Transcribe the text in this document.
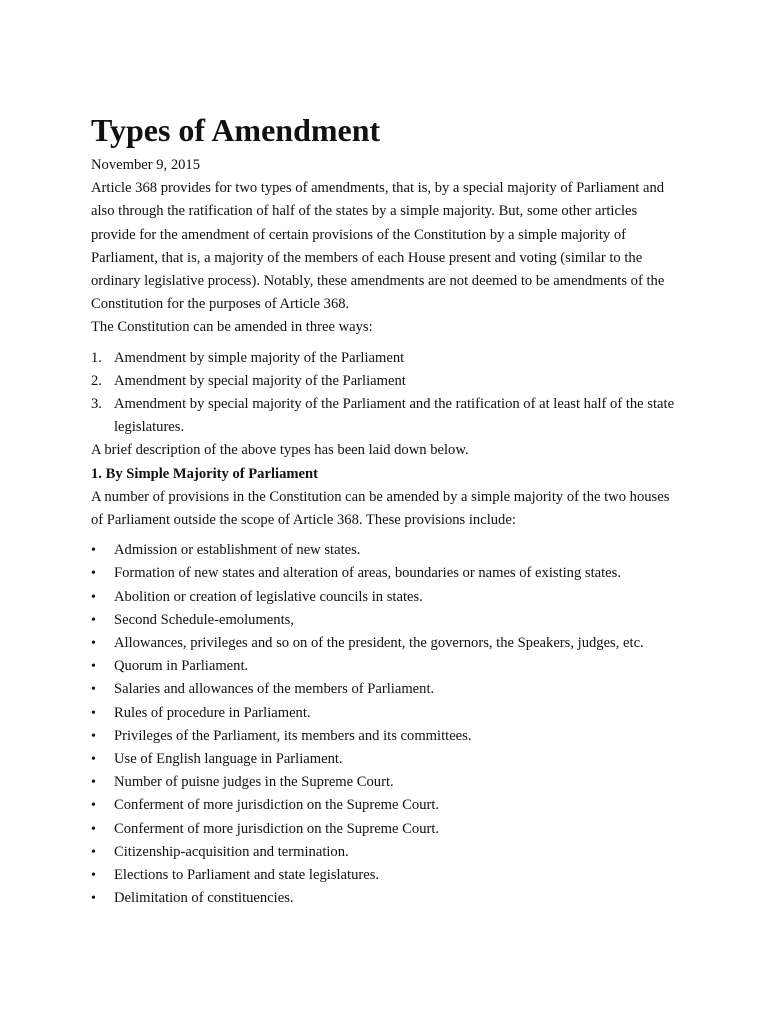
Types of Amendment

November 9, 2015

Article 368 provides for two types of amendments, that is, by a special majority of Parliament and also through the ratification of half of the states by a simple majority. But, some other articles provide for the amendment of certain provisions of the Constitution by a simple majority of Parliament, that is, a majority of the members of each House present and voting (similar to the ordinary legislative process). Notably, these amendments are not deemed to be amendments of the Constitution for the purposes of Article 368.

The Constitution can be amended in three ways:

1. Amendment by simple majority of the Parliament
2. Amendment by special majority of the Parliament
3. Amendment by special majority of the Parliament and the ratification of at least half of the state legislatures.

A brief description of the above types has been laid down below.

1. By Simple Majority of Parliament

A number of provisions in the Constitution can be amended by a simple majority of the two houses of Parliament outside the scope of Article 368. These provisions include:

• Admission or establishment of new states.
• Formation of new states and alteration of areas, boundaries or names of existing states.
• Abolition or creation of legislative councils in states.
• Second Schedule-emoluments,
• Allowances, privileges and so on of the president, the governors, the Speakers, judges, etc.
• Quorum in Parliament.
• Salaries and allowances of the members of Parliament.
• Rules of procedure in Parliament.
• Privileges of the Parliament, its members and its committees.
• Use of English language in Parliament.
• Number of puisne judges in the Supreme Court.
• Conferment of more jurisdiction on the Supreme Court.
• Conferment of more jurisdiction on the Supreme Court.
• Citizenship-acquisition and termination.
• Elections to Parliament and state legislatures.
• Delimitation of constituencies.
